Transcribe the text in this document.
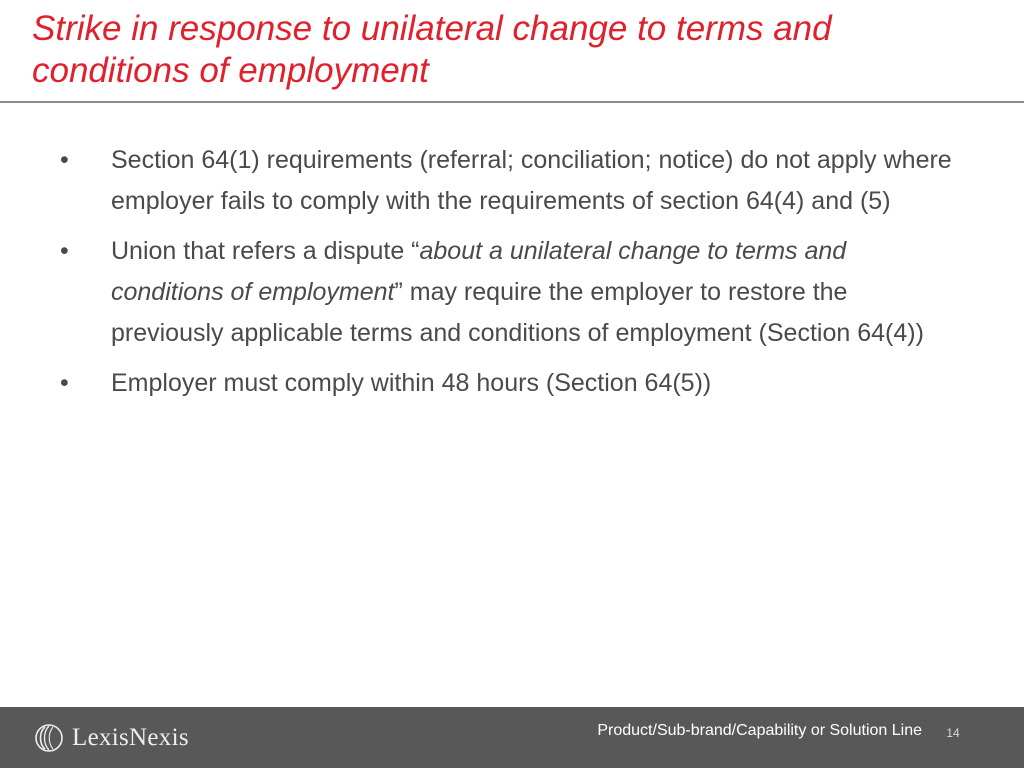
Strike in response to unilateral change to terms and conditions of employment
•	Section 64(1) requirements (referral; conciliation; notice) do not apply where employer fails to comply with the requirements of section 64(4) and (5)
•	Union that refers a dispute “about a unilateral change to terms and conditions of employment” may require the employer to restore the previously applicable terms and conditions of employment (Section 64(4))
•	Employer must comply within 48 hours (Section 64(5))
LexisNexis	Product/Sub-brand/Capability or Solution Line	14
